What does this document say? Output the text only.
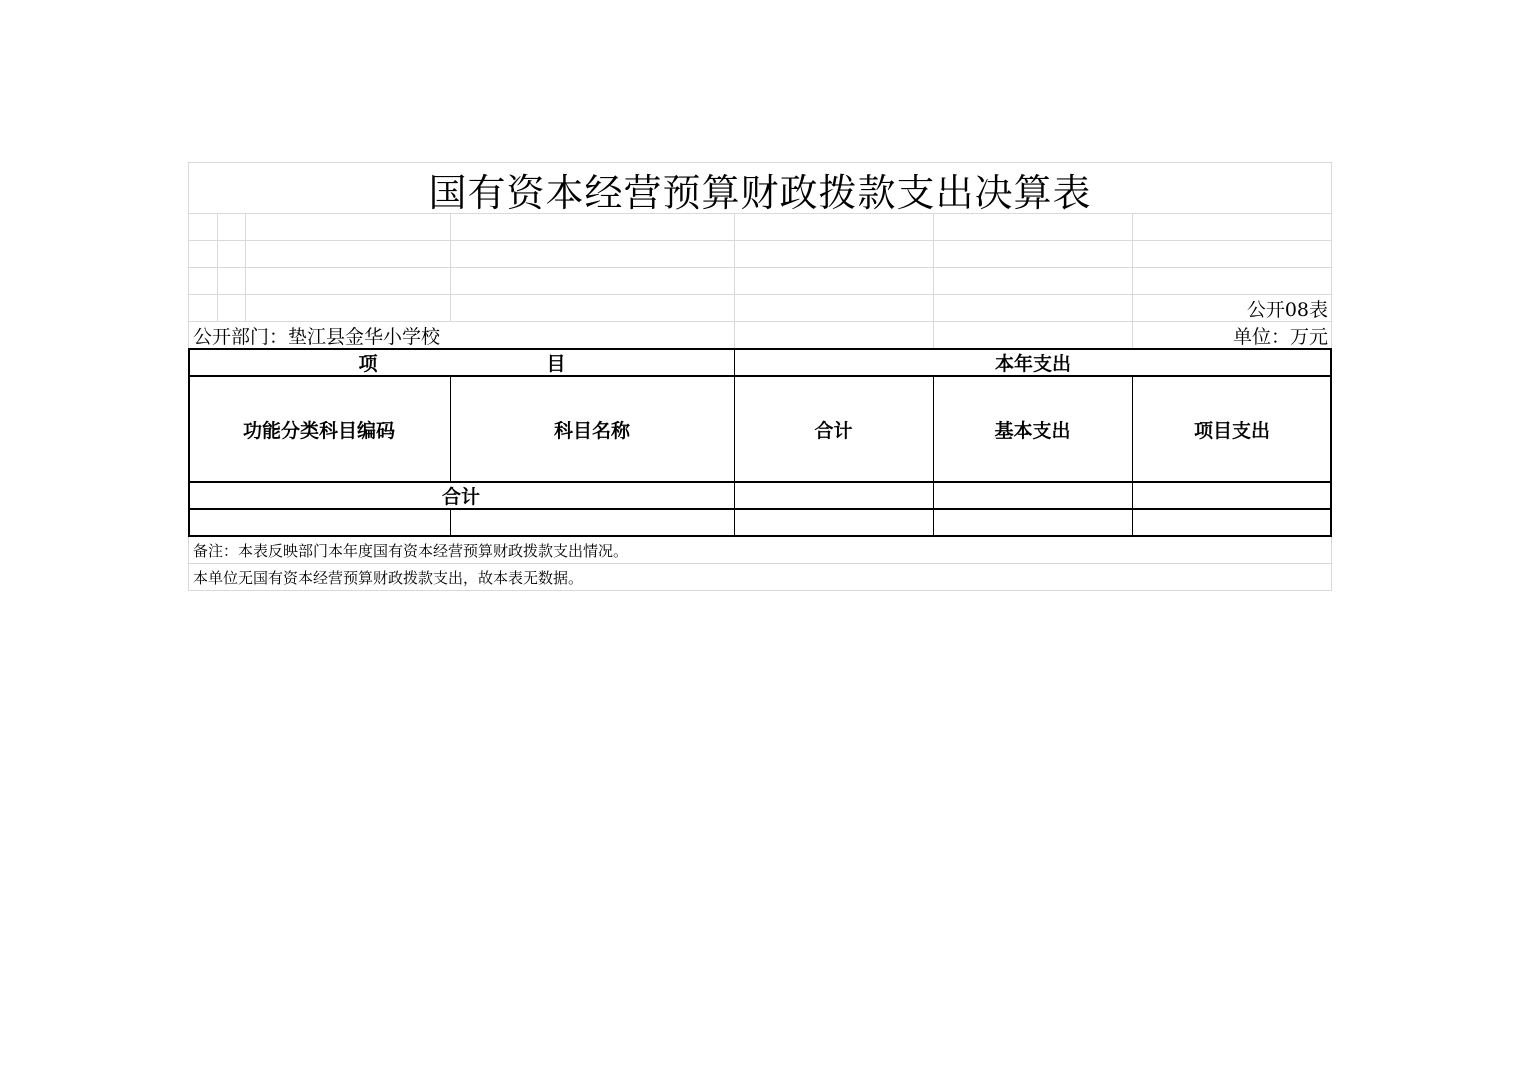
国有资本经营预算财政拨款支出决算表
公开08表
公开部门：垫江县金华小学校	单位：万元
项	目	本年支出
功能分类科目编码	科目名称	合计	基本支出	项目支出
合计
备注：本表反映部门本年度国有资本经营预算财政拨款支出情况。
本单位无国有资本经营预算财政拨款支出，故本表无数据。
